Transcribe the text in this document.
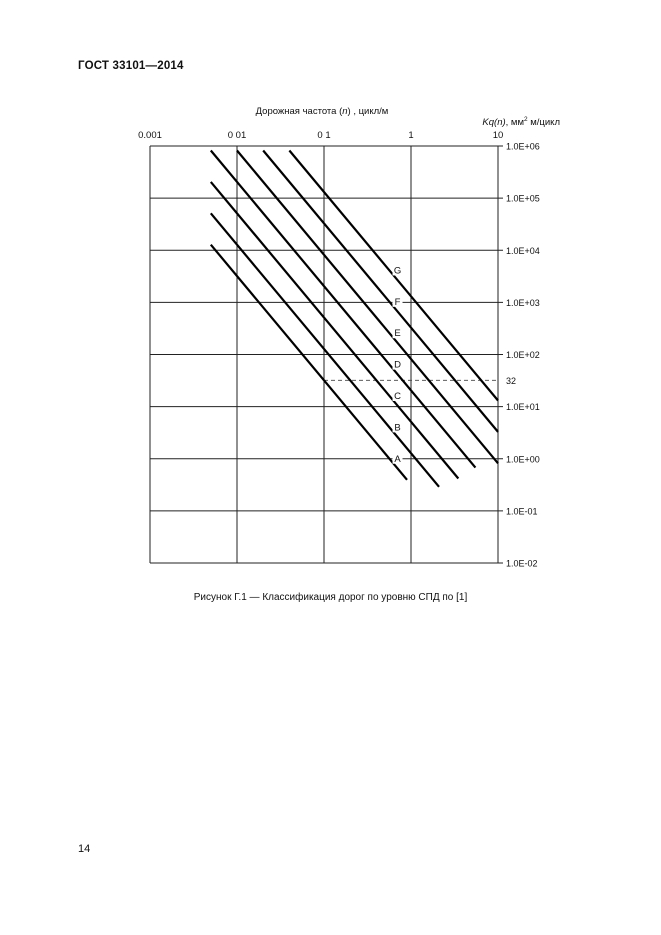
ГОСТ 33101—2014
32
A
B
C
D
E
F
G
0.001	0 01	0 1	1	10
1.0E+06
1.0E+05
1.0E+04
1.0E+03
1.0E+02
1.0E+01
1.0E+00
1.0E-01
1.0E-02
Дорожная частота (n) , цикл/м
Kq(n), $мм^2$ м/цикл
Рисунок Г.1 — Классификация дорог по уровню СПД по [1]
14
